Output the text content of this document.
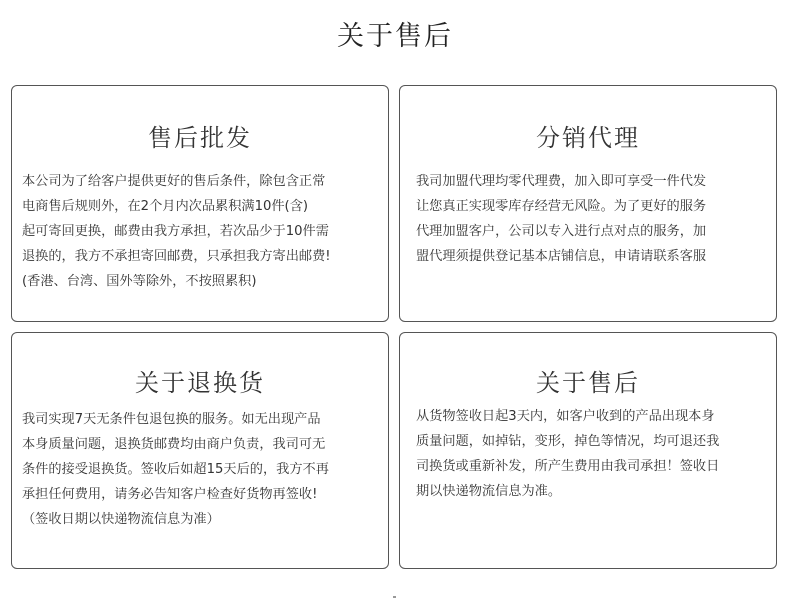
关于售后
售后批发
本公司为了给客户提供更好的售后条件，除包含正常
电商售后规则外，在2个月内次品累积满10件(含)
起可寄回更换，邮费由我方承担，若次品少于10件需
退换的，我方不承担寄回邮费，只承担我方寄出邮费!
(香港、台湾、国外等除外，不按照累积)
分销代理
我司加盟代理均零代理费，加入即可享受一件代发
让您真正实现零库存经营无风险。为了更好的服务
代理加盟客户，公司以专入进行点对点的服务，加
盟代理须提供登记基本店铺信息，申请请联系客服
关于退换货
我司实现7天无条件包退包换的服务。如无出现产品
本身质量问题，退换货邮费均由商户负责，我司可无
条件的接受退换货。签收后如超15天后的，我方不再
承担任何费用，请务必告知客户检查好货物再签收!
（签收日期以快递物流信息为准）
关于售后
从货物签收日起3天内，如客户收到的产品出现本身
质量问题，如掉钻，变形，掉色等情况，均可退还我
司换货或重新补发，所产生费用由我司承担！签收日
期以快递物流信息为准。
